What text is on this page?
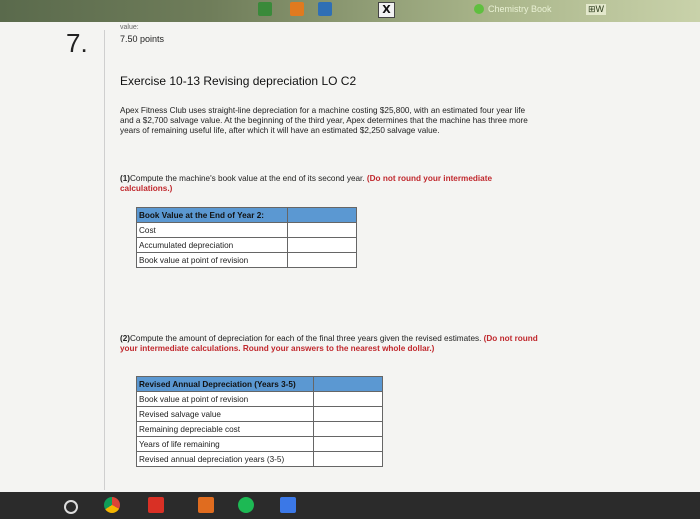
X	Chemistry Book	⊞W
7.
value:
7.50 points
Exercise 10-13 Revising depreciation LO C2
Apex Fitness Club uses straight-line depreciation for a machine costing $25,800, with an estimated four year life and a $2,700 salvage value. At the beginning of the third year, Apex determines that the machine has three more years of remaining useful life, after which it will have an estimated $2,250 salvage value.
(1)Compute the machine's book value at the end of its second year. (Do not round your intermediate calculations.)
Book Value at the End of Year 2:	
Cost	
Accumulated depreciation	
Book value at point of revision	
(2)Compute the amount of depreciation for each of the final three years given the revised estimates. (Do not round your intermediate calculations. Round your answers to the nearest whole dollar.)
Revised Annual Depreciation (Years 3-5)	
Book value at point of revision	
Revised salvage value	
Remaining depreciable cost	
Years of life remaining	
Revised annual depreciation years (3-5)	
